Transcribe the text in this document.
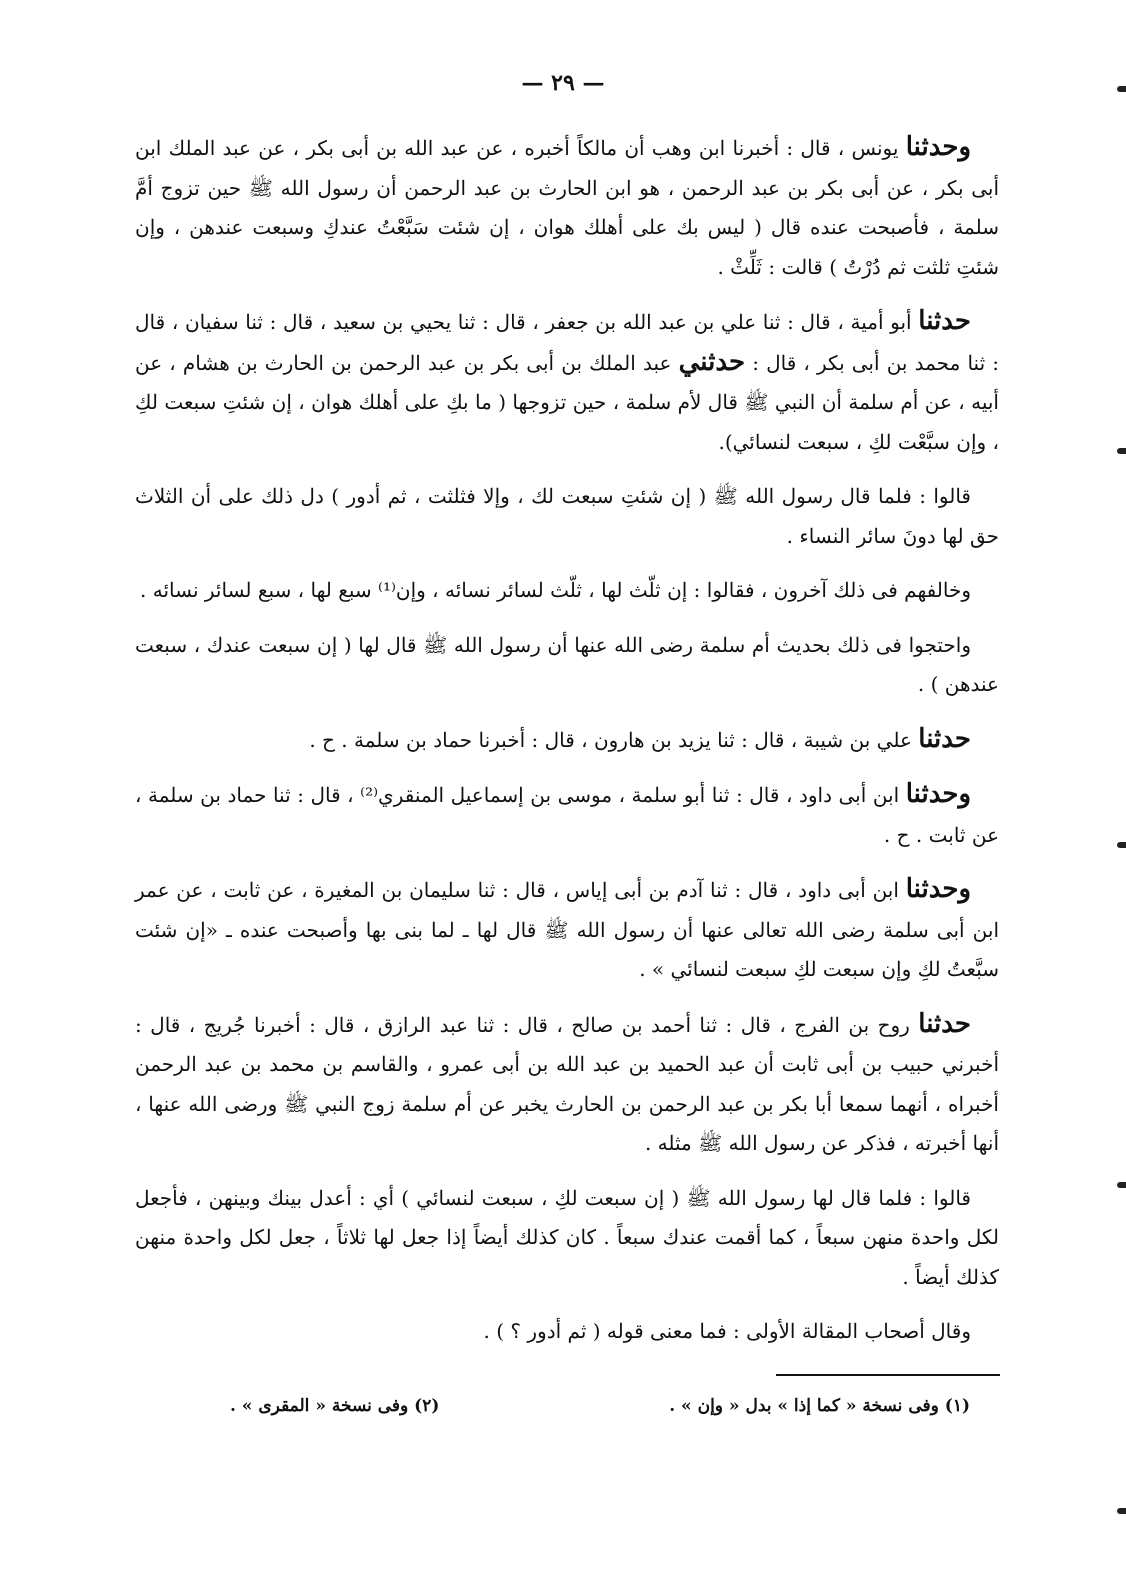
— ٢٩ —

وحدثنا يونس ، قال : أخبرنا ابن وهب أن مالكاً أخبره ، عن عبد الله بن أبى بكر ، عن عبد الملك ابن أبى بكر ، عن أبى بكر بن عبد الرحمن ، هو ابن الحارث بن عبد الرحمن أن رسول الله ﷺ حين تزوج أمَّ سلمة ، فأصبحت عنده قال ( ليس بك على أهلك هوان ، إن شئت سَبَّعْتُ عندكِ وسبعت عندهن ، وإن شئتِ ثلثت ثم دُرْتُ ) قالت : ثَلِّثْ .

حدثنا أبو أمية ، قال : ثنا علي بن عبد الله بن جعفر ، قال : ثنا يحيي بن سعيد ، قال : ثنا سفيان ، قال : ثنا محمد بن أبى بكر ، قال : حدثني عبد الملك بن أبى بكر بن عبد الرحمن بن الحارث بن هشام ، عن أبيه ، عن أم سلمة أن النبي ﷺ قال لأم سلمة ، حين تزوجها ( ما بكِ على أهلك هوان ، إن شئتِ سبعت لكِ ، وإن سبَّعْت لكِ ، سبعت لنسائي).

قالوا : فلما قال رسول الله ﷺ ( إن شئتِ سبعت لك ، وإلا فثلثت ، ثم أدور ) دل ذلك على أن الثلاث حق لها دونَ سائر النساء .

وخالفهم فى ذلك آخرون ، فقالوا : إن ثلّث لها ، ثلّث لسائر نسائه ، وإن⁽¹⁾ سبع لها ، سبع لسائر نسائه .

واحتجوا فى ذلك بحديث أم سلمة رضى الله عنها أن رسول الله ﷺ قال لها ( إن سبعت عندك ، سبعت عندهن ) .

حدثنا علي بن شيبة ، قال : ثنا يزيد بن هارون ، قال : أخبرنا حماد بن سلمة . ح .

وحدثنا ابن أبى داود ، قال : ثنا أبو سلمة ، موسى بن إسماعيل المنقري⁽²⁾ ، قال : ثنا حماد بن سلمة ، عن ثابت . ح .

وحدثنا ابن أبى داود ، قال : ثنا آدم بن أبى إياس ، قال : ثنا سليمان بن المغيرة ، عن ثابت ، عن عمر ابن أبى سلمة رضى الله تعالى عنها أن رسول الله ﷺ قال لها ـ لما بنى بها وأصبحت عنده ـ «إن شئت سبَّعتُ لكِ وإن سبعت لكِ سبعت لنسائي » .

حدثنا روح بن الفرج ، قال : ثنا أحمد بن صالح ، قال : ثنا عبد الرازق ، قال : أخبرنا جُريج ، قال : أخبرني حبيب بن أبى ثابت أن عبد الحميد بن عبد الله بن أبى عمرو ، والقاسم بن محمد بن عبد الرحمن أخبراه ، أنهما سمعا أبا بكر بن عبد الرحمن بن الحارث يخبر عن أم سلمة زوج النبي ﷺ ورضى الله عنها ، أنها أخبرته ، فذكر عن رسول الله ﷺ مثله .

قالوا : فلما قال لها رسول الله ﷺ ( إن سبعت لكِ ، سبعت لنسائي ) أي : أعدل بينك وبينهن ، فأجعل لكل واحدة منهن سبعاً ، كما أقمت عندك سبعاً . كان كذلك أيضاً إذا جعل لها ثلاثاً ، جعل لكل واحدة منهن كذلك أيضاً .

وقال أصحاب المقالة الأولى : فما معنى قوله ( ثم أدور ؟ ) .

(١) وفى نسخة « كما إذا » بدل « وإن » .
(٢) وفى نسخة « المقرى » .
